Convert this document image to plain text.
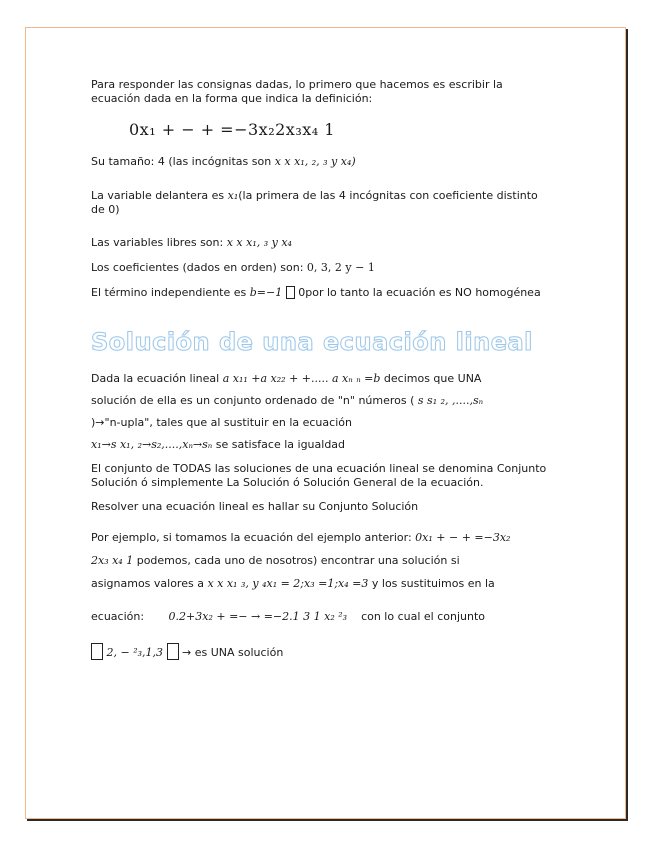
Para responder las consignas dadas, lo primero que hacemos es escribir la ecuación dada en la forma que indica la definición:

0x₁ + − + =−3x₂2x₃x₄ 1

Su tamaño: 4 (las incógnitas son x x x₁, ₂, ₃ y x₄)

La variable delantera es x₁(la primera de las 4 incógnitas con coeficiente distinto de 0)

Las variables libres son: x x x₁, ₃ y x₄

Los coeficientes (dados en orden) son: 0, 3, 2 y − 1

El término independiente es b=−1 0por lo tanto la ecuación es NO homogénea

Solución de una ecuación lineal

Dada la ecuación lineal a x₁₁ +a x₂₂ + +..... a xₙ ₙ =b decimos que UNA
solución de ella es un conjunto ordenado de "n" números ( s s₁ ₂, ,....,sₙ
)→"n-upla", tales que al sustituir en la ecuación
x₁→s x₁, ₂→s₂,....,xₙ→sₙ se satisface la igualdad

El conjunto de TODAS las soluciones de una ecuación lineal se denomina Conjunto Solución ó simplemente La Solución ó Solución General de la ecuación.

Resolver una ecuación lineal es hallar su Conjunto Solución

Por ejemplo, si tomamos la ecuación del ejemplo anterior: 0x₁ + − + =−3x₂
2x₃ x₄ 1 podemos, cada uno de nosotros) encontrar una solución si
asignamos valores a x x x₁ ₃, y ₄x₁ = 2;x₃ =1;x₄ =3 y los sustituimos en la

ecuación: 0.2+3x₂ + =− → =−2.1 3 1 x₂ ²₃ con lo cual el conjunto

2, − ²₃,1,3 → es UNA solución
